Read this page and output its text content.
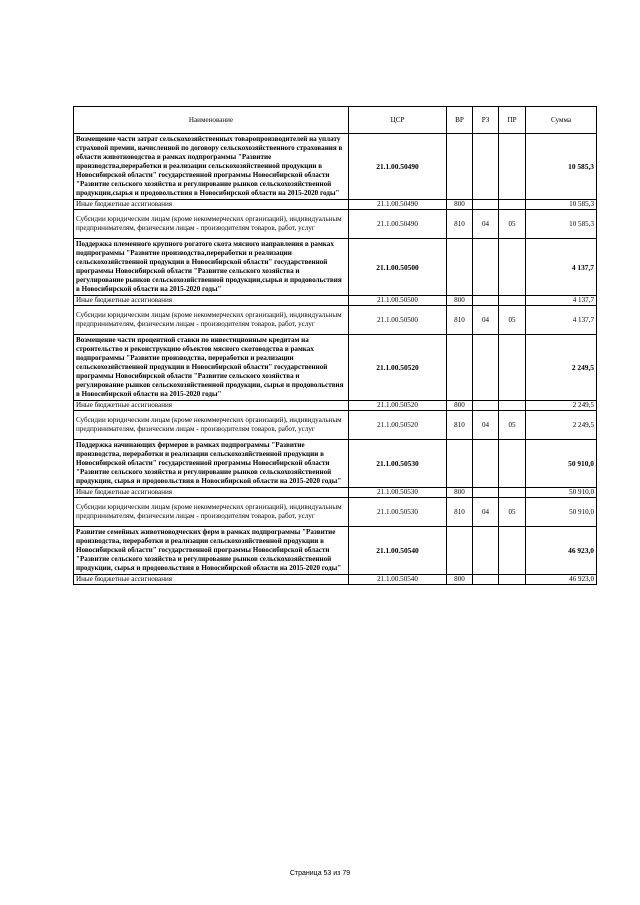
Наименование	ЦСР	ВР	РЗ	ПР	Сумма
Возмещение части затрат сельскохозяйственных товаропроизводителей на уплату страховой премии, начисленной по договору сельскохозяйственного страхования в области животноводства в рамках подпрограммы "Развитие производства,переработки и реализации сельскохозяйственной продукции в Новосибирской области" государственной программы Новосибирской области "Развитие сельского хозяйства и регулирование рынков сельскохозяйственной продукции,сырья и продовольствия в Новосибирской области на 2015-2020 годы"	21.1.00.50490				10 585,3
Иные бюджетные ассигнования	21.1.00.50490	800			10 585,3
Субсидии юридическим лицам (кроме некоммерческих организаций), индивидуальным предпринимателям, физическим лицам - производителям товаров, работ, услуг	21.1.00.50490	810	04	05	10 585,3
Поддержка племенного крупного рогатого скота мясного направления в рамках подпрограммы "Развитие производства,переработки и реализации сельскохозяйственной продукции в Новосибирской области" государственной программы Новосибирской области "Развитие сельского хозяйства и регулирование рынков сельскохозяйственной продукции,сырья и продовольствия в Новосибирской области на 2015-2020 годы"	21.1.00.50500				4 137,7
Иные бюджетные ассигнования	21.1.00.50500	800			4 137,7
Субсидии юридическим лицам (кроме некоммерческих организаций), индивидуальным предпринимателям, физическим лицам - производителям товаров, работ, услуг	21.1.00.50500	810	04	05	4 137,7
Возмещение части процентной ставки по инвестиционным кредитам на строительство и реконструкцию объектов мясного скотоводства в рамках подпрограммы "Развитие производства, переработки и реализации сельскохозяйственной продукции в Новосибирской области" государственной программы Новосибирской области "Развитие сельского хозяйства и регулирование рынков сельскохозяйственной продукции, сырья и продовольствия в Новосибирской области на 2015-2020 годы"	21.1.00.50520				2 249,5
Иные бюджетные ассигнования	21.1.00.50520	800			2 249,5
Субсидии юридическим лицам (кроме некоммерческих организаций), индивидуальным предпринимателям, физическим лицам - производителям товаров, работ, услуг	21.1.00.50520	810	04	05	2 249,5
Поддержка начинающих фермеров в рамках подпрограммы "Развитие производства, переработки и реализации сельскохозяйственной продукции в Новосибирской области" государственной программы Новосибирской области "Развитие сельского хозяйства и регулирование рынков сельскохозяйственной продукции, сырья и продовольствия в Новосибирской области на 2015-2020 годы"	21.1.00.50530				50 910,0
Иные бюджетные ассигнования	21.1.00.50530	800			50 910,0
Субсидии юридическим лицам (кроме некоммерческих организаций), индивидуальным предпринимателям, физическим лицам - производителям товаров, работ, услуг	21.1.00.50530	810	04	05	50 910,0
Развитие семейных животноводческих ферм в рамках подпрограммы "Развитие производства, переработки и реализации сельскохозяйственной продукции в Новосибирской области" государственной программы Новосибирской области "Развитие сельского хозяйства и регулирование рынков сельскохозяйственной продукции, сырья и продовольствия в Новосибирской области на 2015-2020 годы"	21.1.00.50540				46 923,0
Иные бюджетные ассигнования	21.1.00.50540	800			46 923,0
Страница 53 из 79
